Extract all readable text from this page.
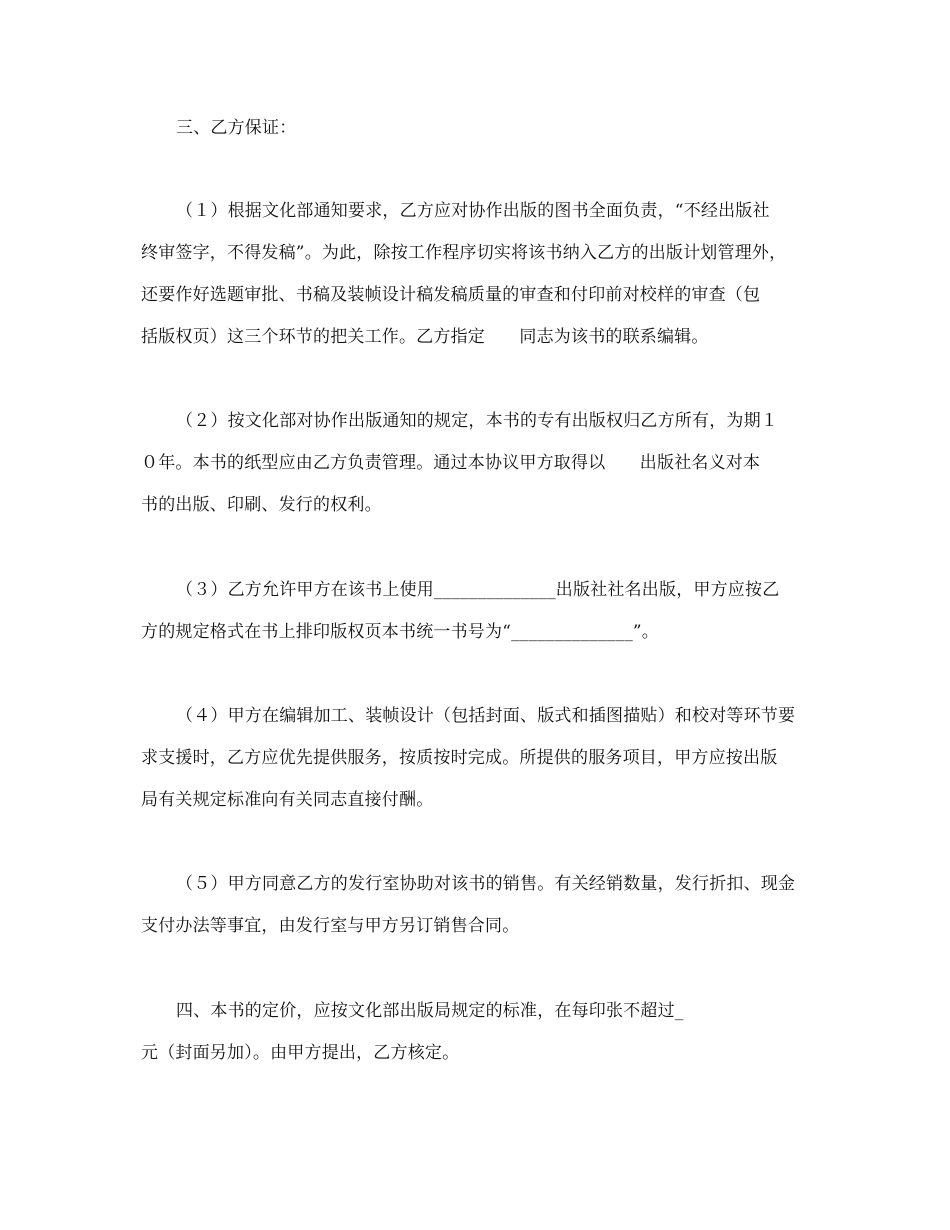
三、乙方保证：
（１）根据文化部通知要求，乙方应对协作出版的图书全面负责，“不经出版社
终审签字，不得发稿”。为此，除按工作程序切实将该书纳入乙方的出版计划管理外，
还要作好选题审批、书稿及装帧设计稿发稿质量的审查和付印前对校样的审查（包
括版权页）这三个环节的把关工作。乙方指定　　同志为该书的联系编辑。
（２）按文化部对协作出版通知的规定，本书的专有出版权归乙方所有，为期１
０年。本书的纸型应由乙方负责管理。通过本协议甲方取得以　　出版社名义对本
书的出版、印刷、发行的权利。
（３）乙方允许甲方在该书上使用______________出版社社名出版，甲方应按乙
方的规定格式在书上排印版权页本书统一书号为“______________”。
（４）甲方在编辑加工、装帧设计（包括封面、版式和插图描贴）和校对等环节要
求支援时，乙方应优先提供服务，按质按时完成。所提供的服务项目，甲方应按出版
局有关规定标准向有关同志直接付酬。
（５）甲方同意乙方的发行室协助对该书的销售。有关经销数量，发行折扣、现金
支付办法等事宜，由发行室与甲方另订销售合同。
四、本书的定价，应按文化部出版局规定的标准，在每印张不超过_
元（封面另加）。由甲方提出，乙方核定。
